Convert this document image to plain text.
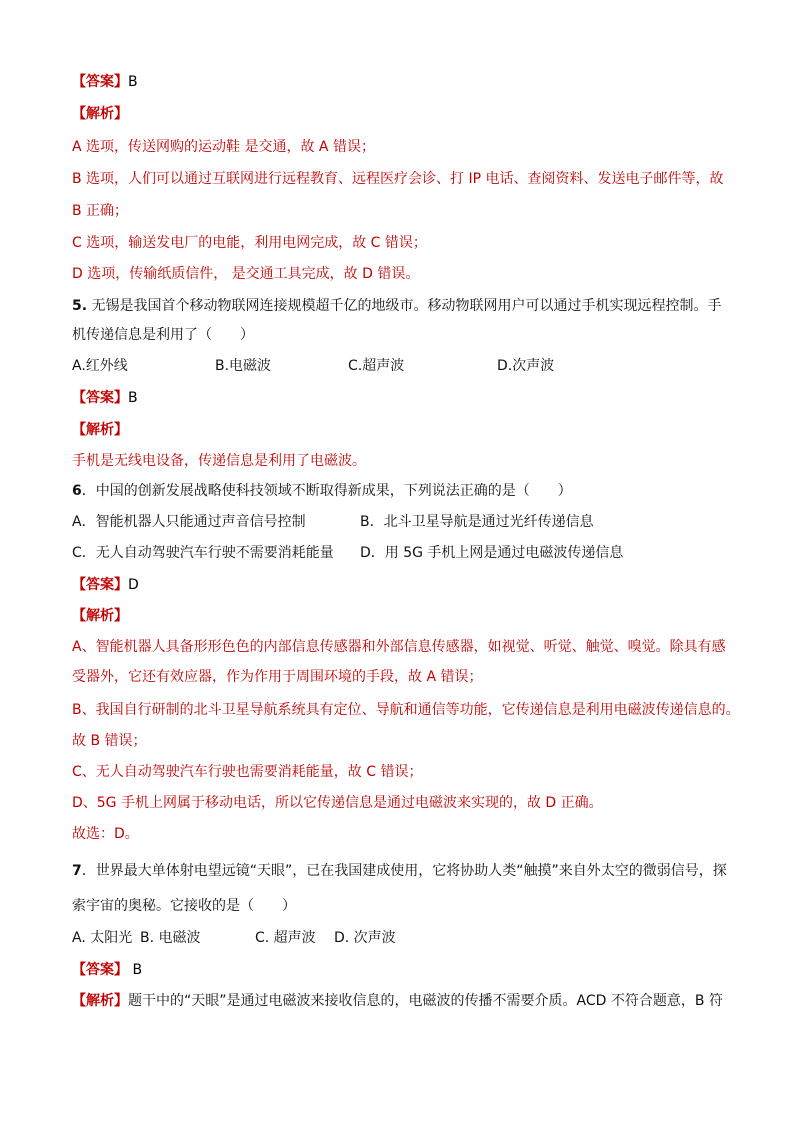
【答案】B
【解析】
A 选项，传送网购的运动鞋 是交通，故 A 错误；
B 选项，人们可以通过互联网进行远程教育、远程医疗会诊、打 IP 电话、查阅资料、发送电子邮件等，故
B 正确；
C 选项，输送发电厂的电能，利用电网完成，故 C 错误；
D 选项，传输纸质信件， 是交通工具完成，故 D 错误。
5. 无锡是我国首个移动物联网连接规模超千亿的地级市。移动物联网用户可以通过手机实现远程控制。手
机传递信息是利用了（　　）
A.红外线	B.电磁波	C.超声波	D.次声波
【答案】B
【解析】
手机是无线电设备，传递信息是利用了电磁波。
6．中国的创新发展战略使科技领域不断取得新成果，下列说法正确的是（　　）
A．智能机器人只能通过声音信号控制	B．北斗卫星导航是通过光纤传递信息
C．无人自动驾驶汽车行驶不需要消耗能量 D．用 5G 手机上网是通过电磁波传递信息
【答案】D
【解析】
A、智能机器人具备形形色色的内部信息传感器和外部信息传感器，如视觉、听觉、触觉、嗅觉。除具有感
受器外，它还有效应器，作为作用于周围环境的手段，故 A 错误；
B、我国自行研制的北斗卫星导航系统具有定位、导航和通信等功能，它传递信息是利用电磁波传递信息的。
故 B 错误；
C、无人自动驾驶汽车行驶也需要消耗能量，故 C 错误；
D、5G 手机上网属于移动电话，所以它传递信息是通过电磁波来实现的，故 D 正确。
故选：D。
7．世界最大单体射电望远镜“天眼”，已在我国建成使用，它将协助人类“触摸”来自外太空的微弱信号，探
索宇宙的奥秘。它接收的是（　　）
A. 太阳光 B. 电磁波	C. 超声波 D. 次声波
【答案】 B
【解析】题干中的“天眼”是通过电磁波来接收信息的，电磁波的传播不需要介质。ACD 不符合题意，B 符
